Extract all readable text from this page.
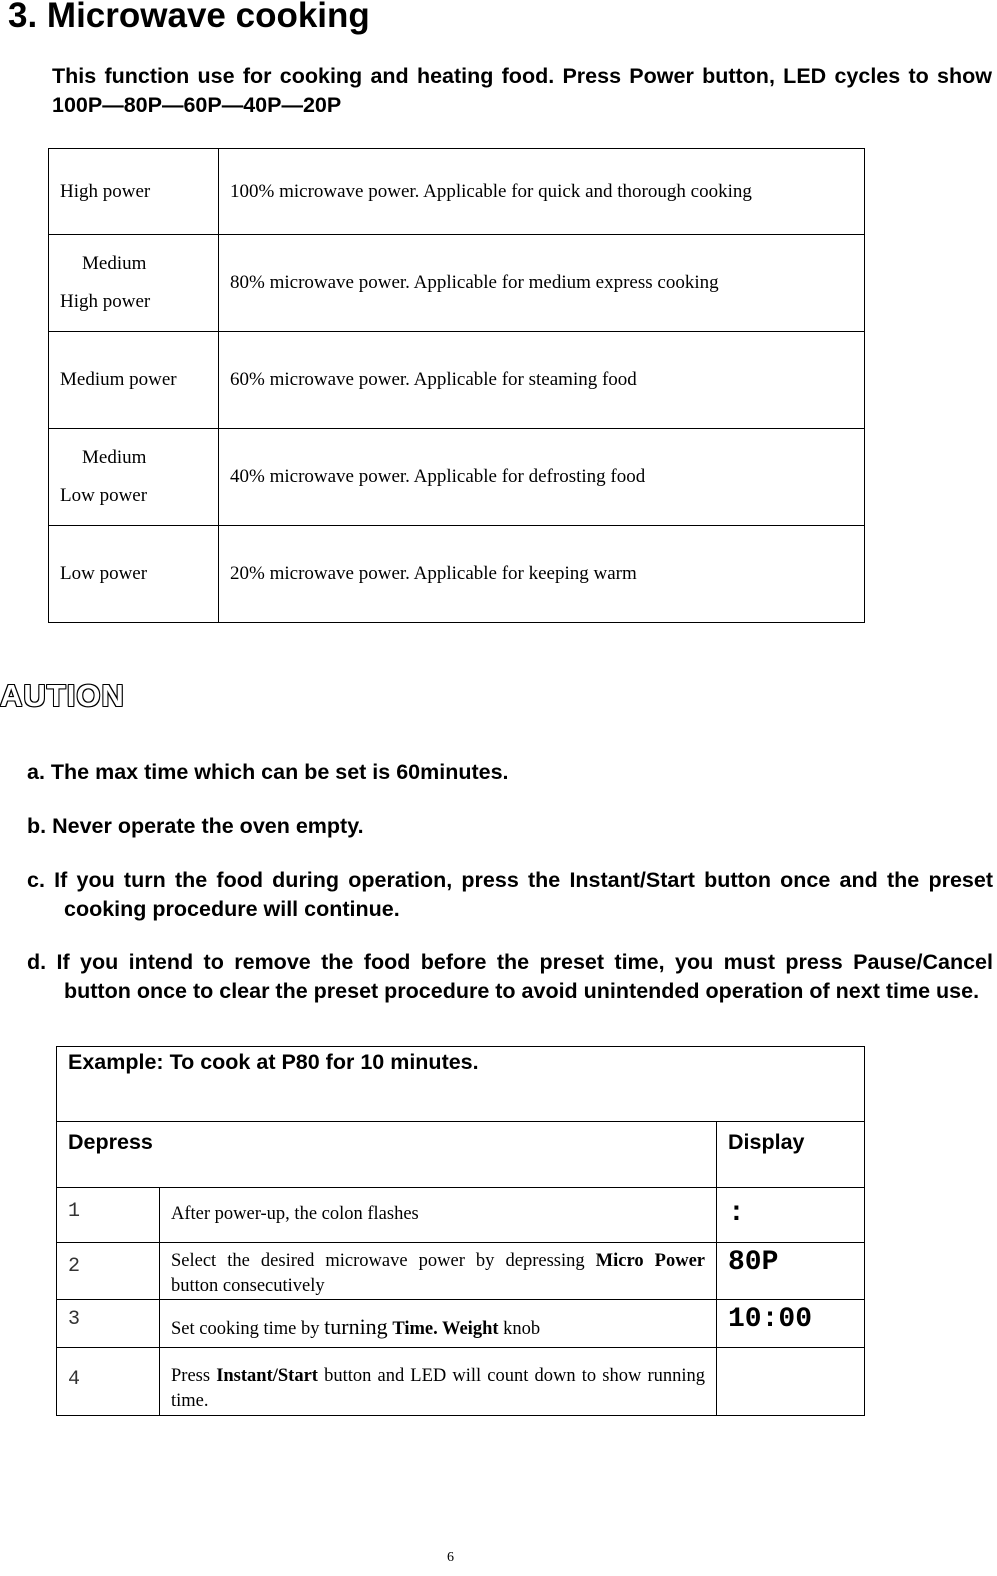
3. Microwave cooking

This function use for cooking and heating food. Press Power button, LED cycles to show 100P—80P—60P—40P—20P

High power	100% microwave power. Applicable for quick and thorough cooking

Medium
High power	80% microwave power. Applicable for medium express cooking
Medium power	60% microwave power. Applicable for steaming food

Medium
Low power	40% microwave power. Applicable for defrosting food
Low power	20% microwave power. Applicable for keeping warm
AUTION

a. The max time which can be set is 60minutes.

b. Never operate the oven empty.

c. If you turn the food during operation, press the Instant/Start button once and the preset cooking procedure will continue.

d. If you intend to remove the food before the preset time, you must press Pause/Cancel button once to clear the preset procedure to avoid unintended operation of next time use.

Example: To cook at P80 for 10 minutes.		
Depress		Display
1	After power-up, the colon flashes	:
2	Select the desired microwave power by depressing Micro Power button consecutively	80P
3	Set cooking time by turning Time. Weight knob	10:00
4	Press Instant/Start button and LED will count down to show running time.	
6
